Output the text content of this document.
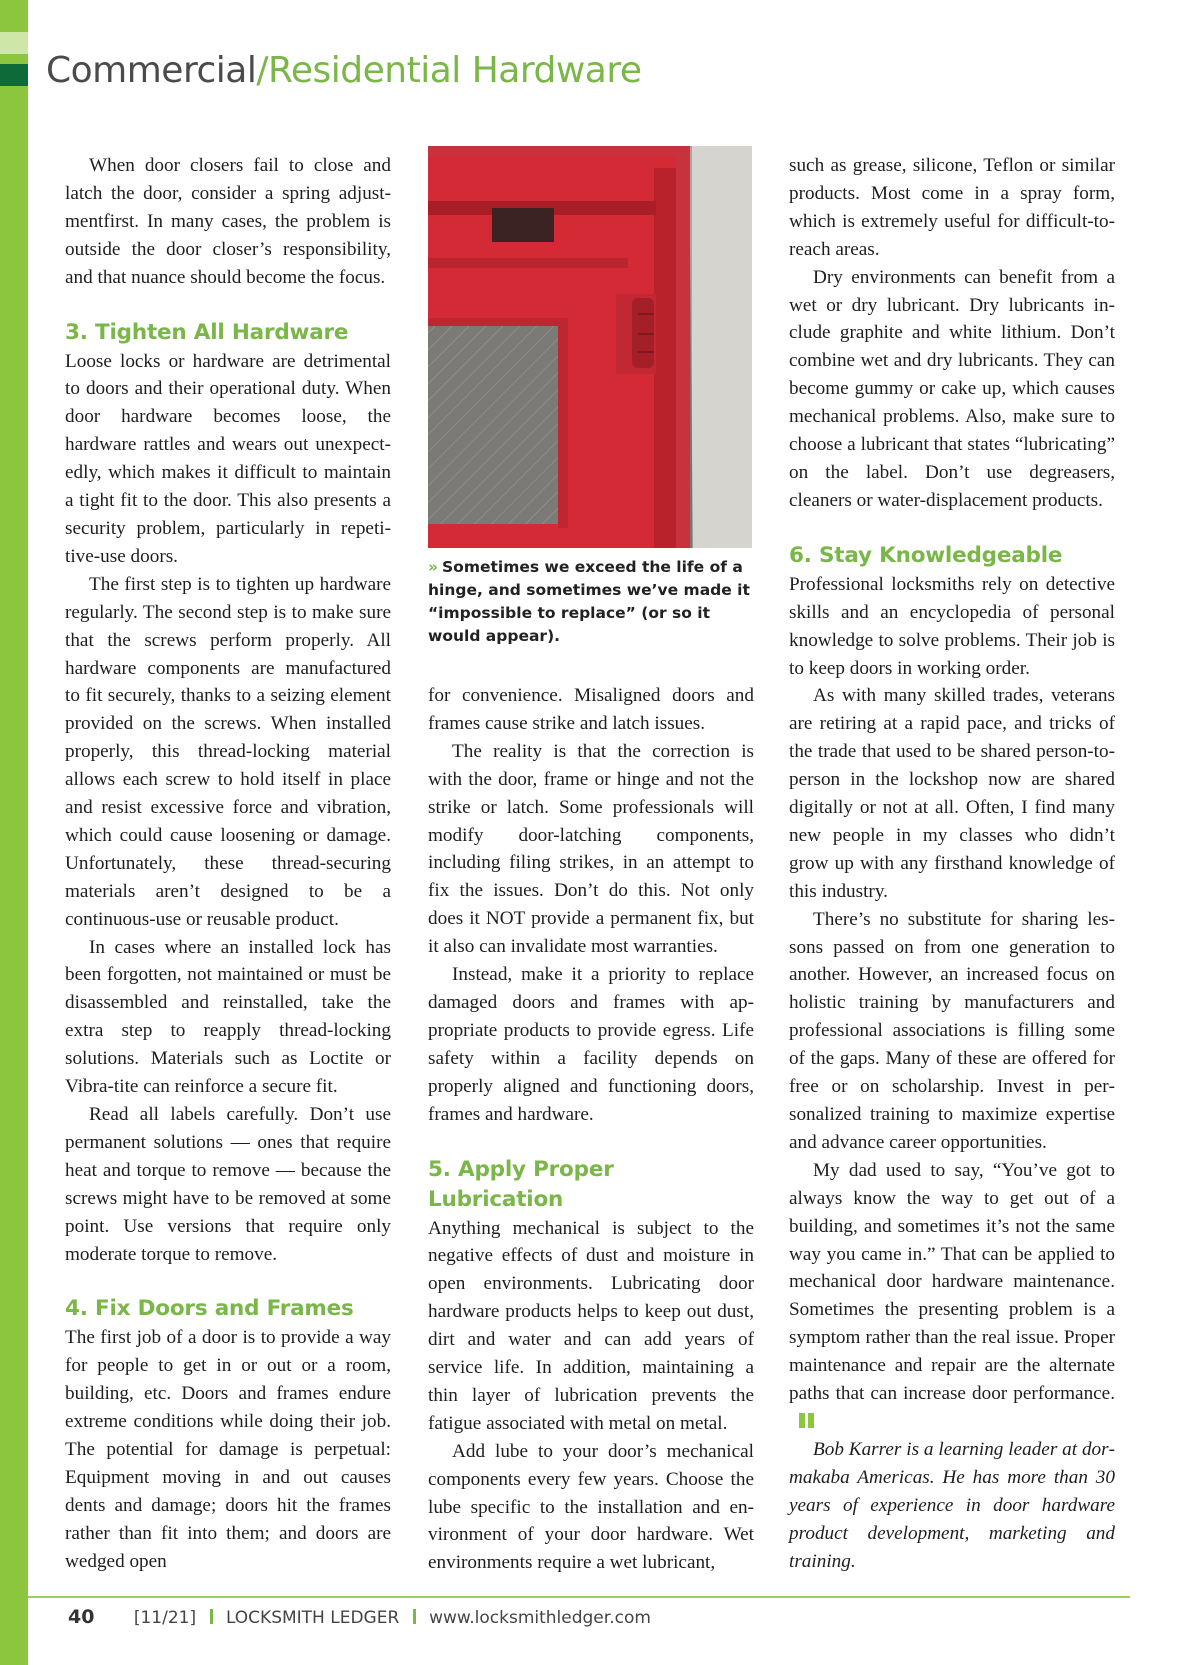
Commercial/Residential Hardware

When door closers fail to close and latch the door, consider a spring adjustmentfirst. In many cases, the problem is outside the door closer’s responsibility, and that nuance should become the focus.

3. Tighten All Hardware

Loose locks or hardware are detrimental to doors and their operational duty. When door hardware becomes loose, the hardware rattles and wears out unexpectedly, which makes it difficult to maintain a tight fit to the door. This also presents a security problem, particularly in repetitive-use doors.

The first step is to tighten up hardware regularly. The second step is to make sure that the screws perform properly. All hardware components are manufactured to fit securely, thanks to a seizing element provided on the screws. When installed properly, this thread-locking material allows each screw to hold itself in place and resist excessive force and vibration, which could cause loosening or damage. Unfortunately, these thread-securing materials aren’t designed to be a continuous-use or reusable product.

In cases where an installed lock has been forgotten, not maintained or must be disassembled and reinstalled, take the extra step to reapply thread-locking solutions. Materials such as Loctite or Vibra-tite can reinforce a secure fit.

Read all labels carefully. Don’t use permanent solutions — ones that require heat and torque to remove — because the screws might have to be removed at some point. Use versions that require only moderate torque to remove.

4. Fix Doors and Frames

The first job of a door is to provide a way for people to get in or out or a room, building, etc. Doors and frames endure extreme conditions while doing their job. The potential for damage is perpetual: Equipment moving in and out causes dents and damage; doors hit the frames rather than fit into them; and doors are wedged open

» Sometimes we exceed the life of a hinge, and sometimes we’ve made it “impossible to replace” (or so it would appear).

for convenience. Misaligned doors and frames cause strike and latch issues.

The reality is that the correction is with the door, frame or hinge and not the strike or latch. Some professionals will modify door-latching components, including filing strikes, in an attempt to fix the issues. Don’t do this. Not only does it NOT provide a permanent fix, but it also can invalidate most warranties.

Instead, make it a priority to replace damaged doors and frames with appropriate products to provide egress. Life safety within a facility depends on properly aligned and functioning doors, frames and hardware.

5. Apply Proper Lubrication

Anything mechanical is subject to the negative effects of dust and moisture in open environments. Lubricating door hardware products helps to keep out dust, dirt and water and can add years of service life. In addition, maintaining a thin layer of lubrication prevents the fatigue associated with metal on metal.

Add lube to your door’s mechanical components every few years. Choose the lube specific to the installation and environment of your door hardware. Wet environments require a wet lubricant,

such as grease, silicone, Teflon or similar products. Most come in a spray form, which is extremely useful for difficult-to-reach areas.

Dry environments can benefit from a wet or dry lubricant. Dry lubricants include graphite and white lithium. Don’t combine wet and dry lubricants. They can become gummy or cake up, which causes mechanical problems. Also, make sure to choose a lubricant that states “lubricating” on the label. Don’t use degreasers, cleaners or water-displacement products.

6. Stay Knowledgeable

Professional locksmiths rely on detective skills and an encyclopedia of personal knowledge to solve problems. Their job is to keep doors in working order.

As with many skilled trades, veterans are retiring at a rapid pace, and tricks of the trade that used to be shared person-to-person in the lockshop now are shared digitally or not at all. Often, I find many new people in my classes who didn’t grow up with any firsthand knowledge of this industry.

There’s no substitute for sharing lessons passed on from one generation to another. However, an increased focus on holistic training by manufacturers and professional associations is filling some of the gaps. Many of these are offered for free or on scholarship. Invest in personalized training to maximize expertise and advance career opportunities.

My dad used to say, “You’ve got to always know the way to get out of a building, and sometimes it’s not the same way you came in.” That can be applied to mechanical door hardware maintenance. Sometimes the presenting problem is a symptom rather than the real issue. Proper maintenance and repair are the alternate paths that can increase door performance.

Bob Karrer is a learning leader at dormakaba Americas. He has more than 30 years of experience in door hardware product development, marketing and training.

40 [11/21] LOCKSMITH LEDGER www.locksmithledger.com
